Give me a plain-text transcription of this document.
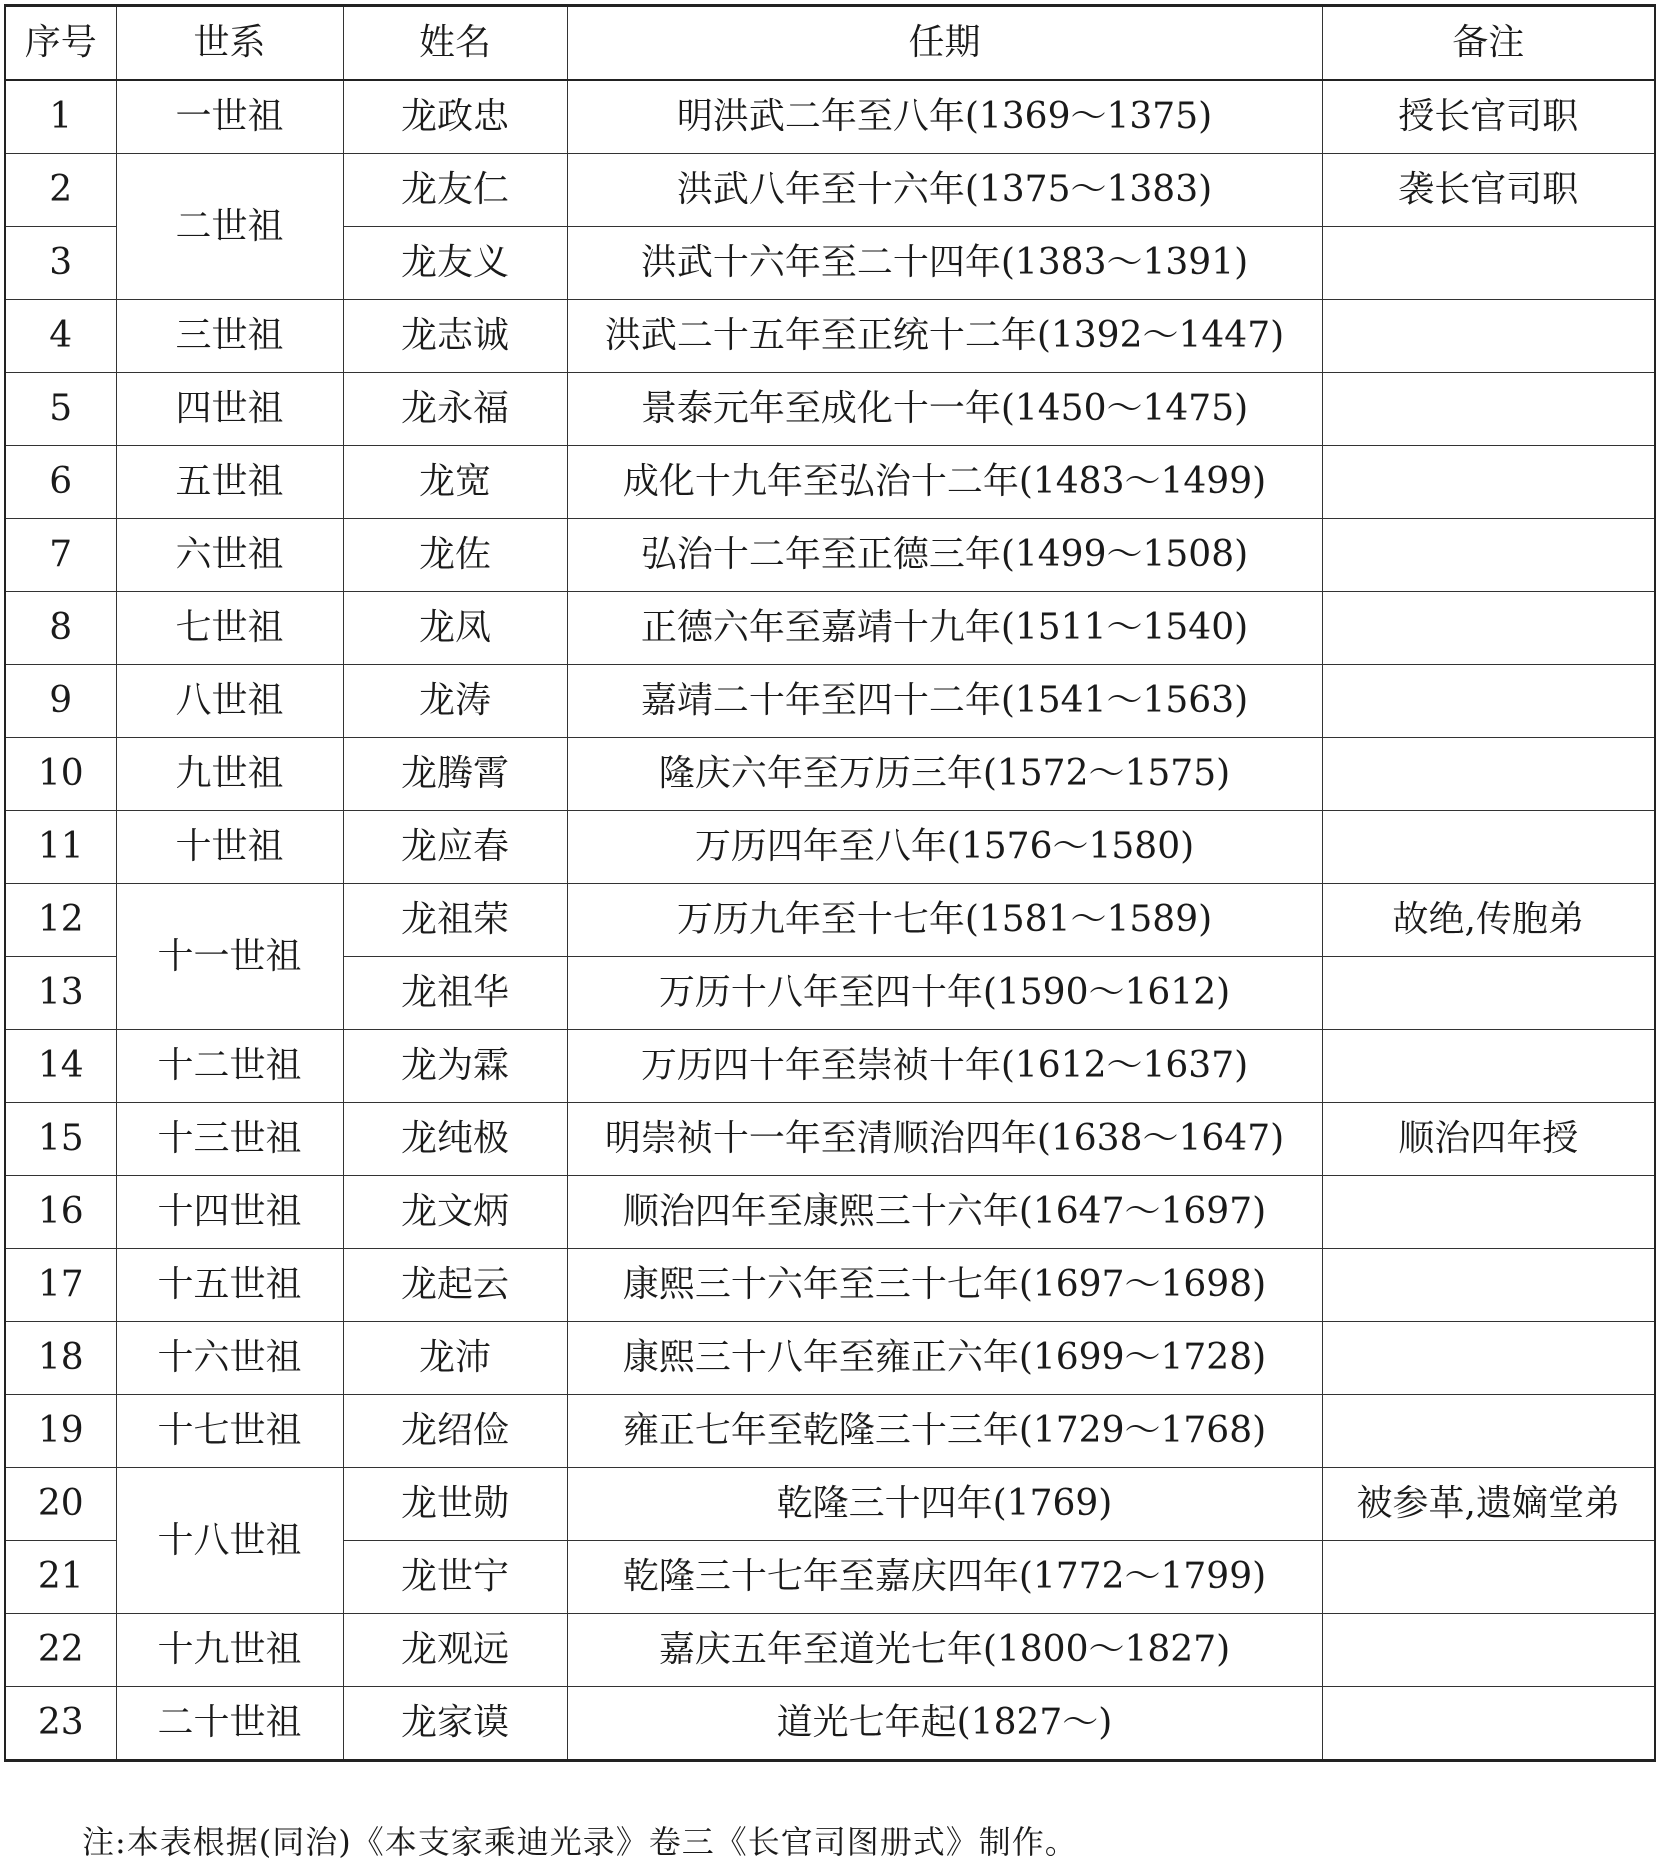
序号	世系	姓名	任期	备注
1	一世祖	龙政忠	明洪武二年至八年(1369～1375)	授长官司职
2	二世祖	龙友仁	洪武八年至十六年(1375～1383)	袭长官司职
3		龙友义	洪武十六年至二十四年(1383～1391)	
4	三世祖	龙志诚	洪武二十五年至正统十二年(1392～1447)	
5	四世祖	龙永福	景泰元年至成化十一年(1450～1475)	
6	五世祖	龙宽	成化十九年至弘治十二年(1483～1499)	
7	六世祖	龙佐	弘治十二年至正德三年(1499～1508)	
8	七世祖	龙凤	正德六年至嘉靖十九年(1511～1540)	
9	八世祖	龙涛	嘉靖二十年至四十二年(1541～1563)	
10	九世祖	龙腾霄	隆庆六年至万历三年(1572～1575)	
11	十世祖	龙应春	万历四年至八年(1576～1580)	
12	十一世祖	龙祖荣	万历九年至十七年(1581～1589)	故绝,传胞弟
13		龙祖华	万历十八年至四十年(1590～1612)	
14	十二世祖	龙为霖	万历四十年至崇祯十年(1612～1637)	
15	十三世祖	龙纯极	明崇祯十一年至清顺治四年(1638～1647)	顺治四年授
16	十四世祖	龙文炳	顺治四年至康熙三十六年(1647～1697)	
17	十五世祖	龙起云	康熙三十六年至三十七年(1697～1698)	
18	十六世祖	龙沛	康熙三十八年至雍正六年(1699～1728)	
19	十七世祖	龙绍俭	雍正七年至乾隆三十三年(1729～1768)	
20	十八世祖	龙世勋	乾隆三十四年(1769)	被参革,遗嫡堂弟
21		龙世宁	乾隆三十七年至嘉庆四年(1772～1799)	
22	十九世祖	龙观远	嘉庆五年至道光七年(1800～1827)	
23	二十世祖	龙家谟	道光七年起(1827～)	
注:本表根据(同治)《本支家乘迪光录》卷三《长官司图册式》制作。
